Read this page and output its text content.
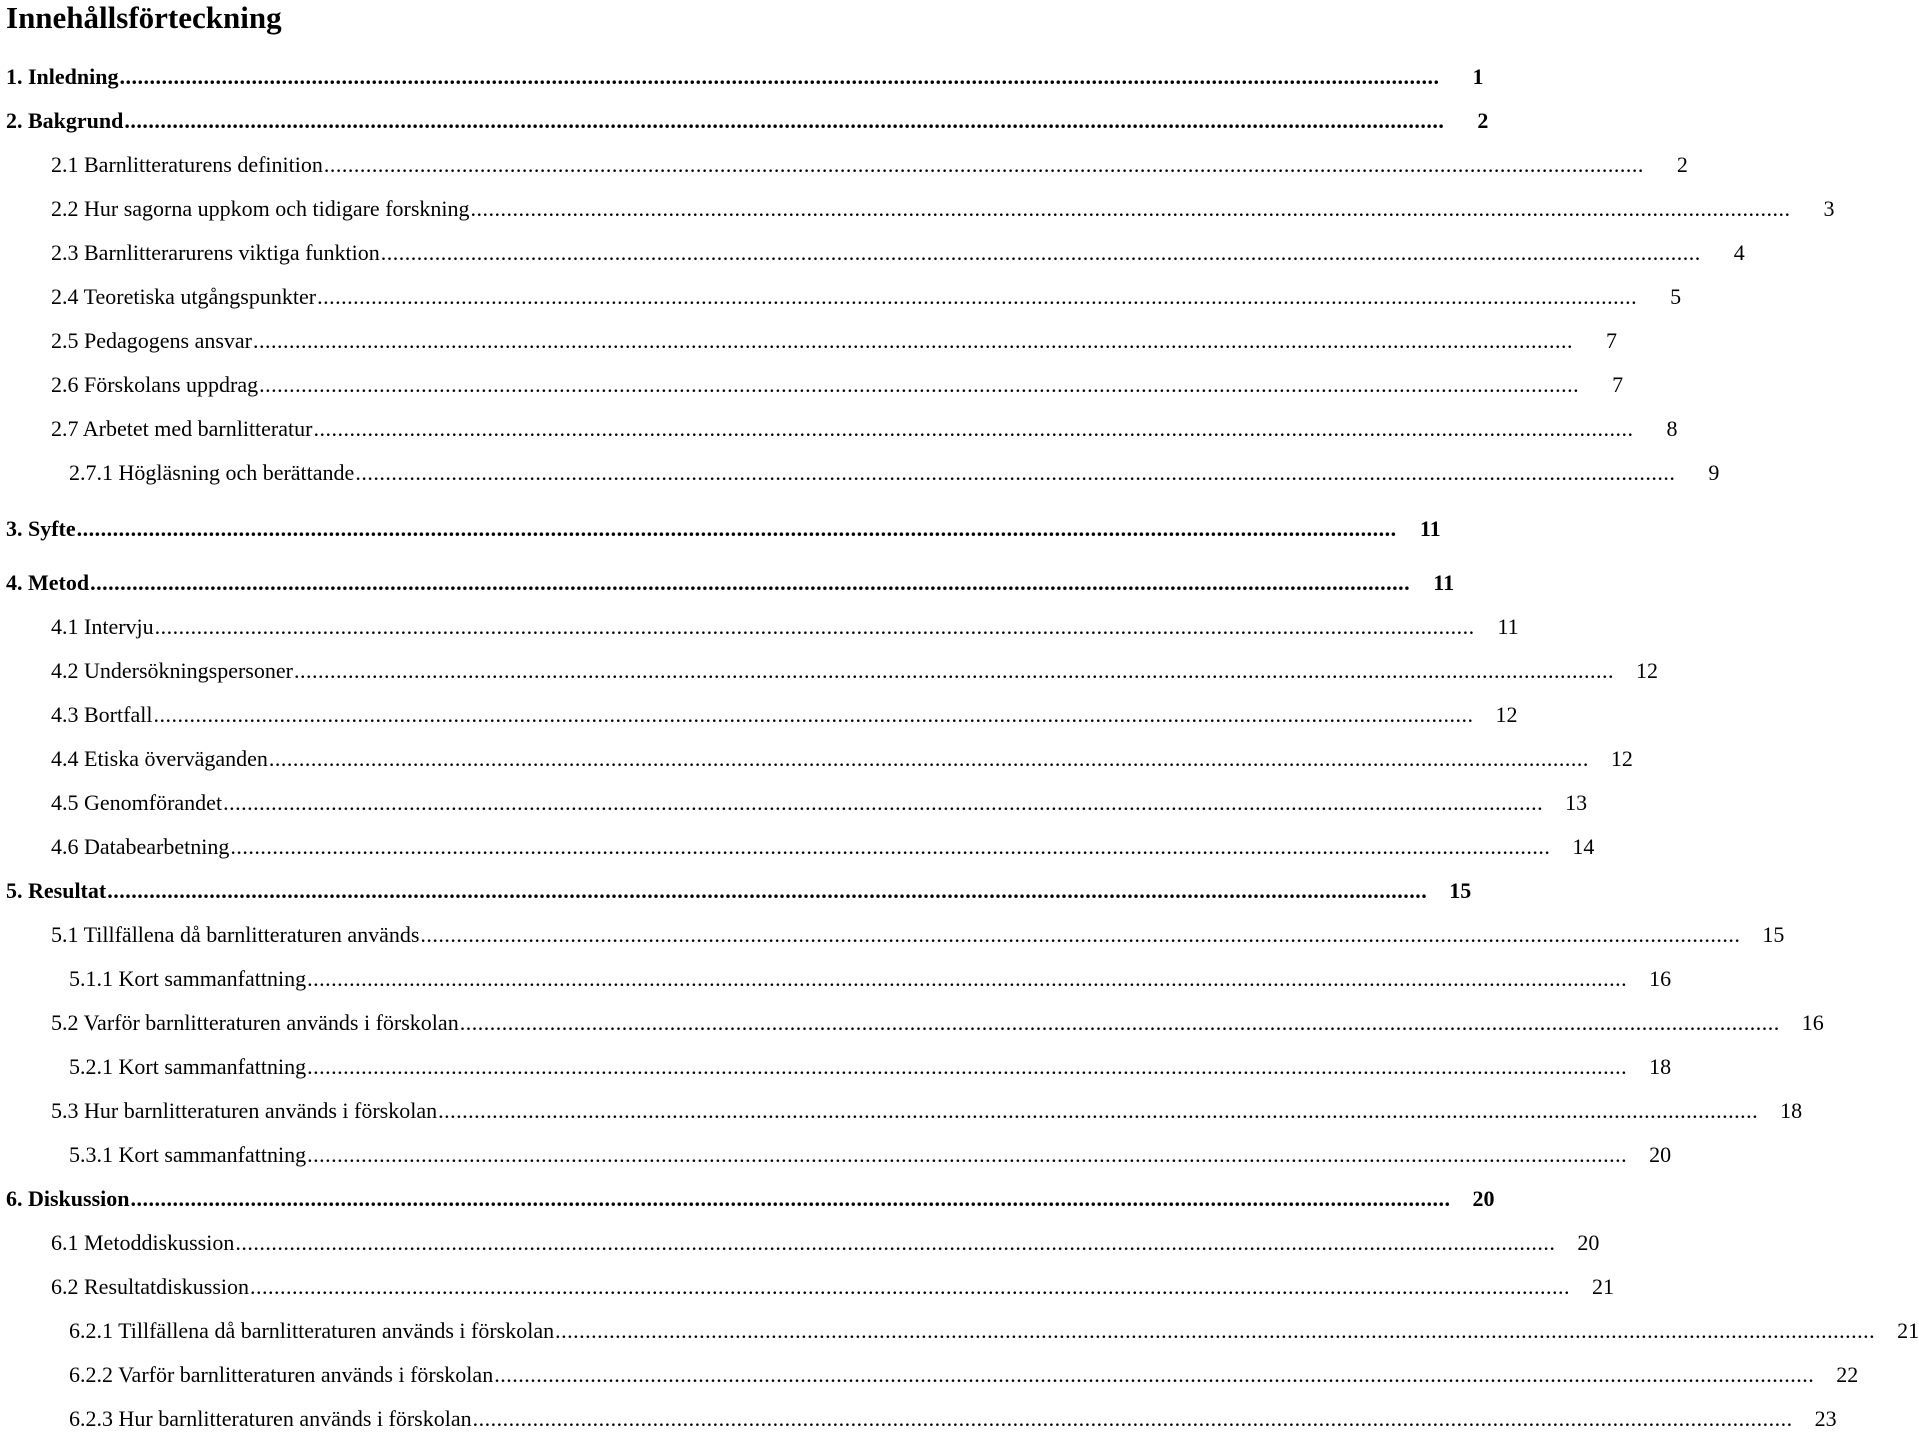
Innehållsförteckning
1. Inledning ............................................................................................................................................................................................................................	1
2. Bakgrund ............................................................................................................................................................................................................................	2
2.1 Barnlitteraturens definition ............................................................................................................................................................................................................................	2
2.2 Hur sagorna uppkom och tidigare forskning ............................................................................................................................................................................................................................	3
2.3 Barnlitterarurens viktiga funktion ............................................................................................................................................................................................................................	4
2.4 Teoretiska utgångspunkter ............................................................................................................................................................................................................................	5
2.5 Pedagogens ansvar ............................................................................................................................................................................................................................	7
2.6 Förskolans uppdrag ............................................................................................................................................................................................................................	7
2.7 Arbetet med barnlitteratur ............................................................................................................................................................................................................................	8
2.7.1 Högläsning och berättande ............................................................................................................................................................................................................................	9
3. Syfte ............................................................................................................................................................................................................................	11
4. Metod ............................................................................................................................................................................................................................	11
4.1 Intervju ............................................................................................................................................................................................................................	11
4.2 Undersökningspersoner ............................................................................................................................................................................................................................	12
4.3 Bortfall ............................................................................................................................................................................................................................	12
4.4 Etiska överväganden ............................................................................................................................................................................................................................	12
4.5 Genomförandet ............................................................................................................................................................................................................................	13
4.6 Databearbetning ............................................................................................................................................................................................................................	14
5. Resultat ............................................................................................................................................................................................................................	15
5.1 Tillfällena då barnlitteraturen används ............................................................................................................................................................................................................................	15
5.1.1 Kort sammanfattning ............................................................................................................................................................................................................................	16
5.2 Varför barnlitteraturen används i förskolan ............................................................................................................................................................................................................................	16
5.2.1 Kort sammanfattning ............................................................................................................................................................................................................................	18
5.3 Hur barnlitteraturen används i förskolan ............................................................................................................................................................................................................................	18
5.3.1 Kort sammanfattning ............................................................................................................................................................................................................................	20
6. Diskussion ............................................................................................................................................................................................................................	20
6.1 Metoddiskussion ............................................................................................................................................................................................................................	20
6.2 Resultatdiskussion ............................................................................................................................................................................................................................	21
6.2.1 Tillfällena då barnlitteraturen används i förskolan ............................................................................................................................................................................................................................	21
6.2.2 Varför barnlitteraturen används i förskolan ............................................................................................................................................................................................................................	22
6.2.3 Hur barnlitteraturen används i förskolan ............................................................................................................................................................................................................................	23
